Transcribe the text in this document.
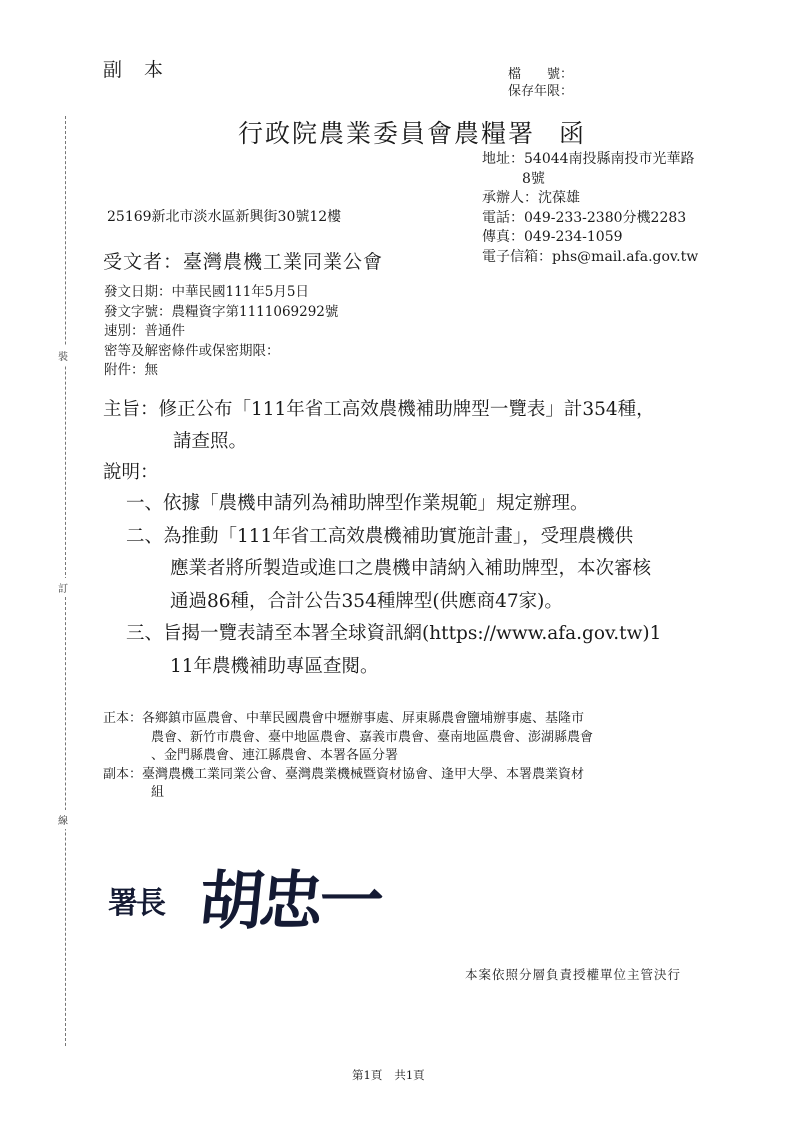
裝
訂
線
副本	檔　　號：
保存年限：
行政院農業委員會農糧署 函
地址：54044南投縣南投市光華路
8號
承辦人：沈葆雄
電話：049-233-2380分機2283
傳真：049-234-1059
電子信箱：phs@mail.afa.gov.tw
25169新北市淡水區新興街30號12樓
受文者：臺灣農機工業同業公會
發文日期：中華民國111年5月5日
發文字號：農糧資字第1111069292號
速別：普通件
密等及解密條件或保密期限：
附件：無
主旨：修正公布「111年省工高效農機補助牌型一覽表」計354種，
請查照。
說明：
一、依據「農機申請列為補助牌型作業規範」規定辦理。
二、為推動「111年省工高效農機補助實施計畫」，受理農機供
應業者將所製造或進口之農機申請納入補助牌型，本次審核
通過86種，合計公告354種牌型(供應商47家)。
三、旨揭一覽表請至本署全球資訊網(https://www.afa.gov.tw)1
11年農機補助專區查閱。
正本：各鄉鎮市區農會、中華民國農會中壢辦事處、屏東縣農會鹽埔辦事處、基隆市
農會、新竹市農會、臺中地區農會、嘉義市農會、臺南地區農會、澎湖縣農會
、金門縣農會、連江縣農會、本署各區分署
副本：臺灣農機工業同業公會、臺灣農業機械暨資材協會、逢甲大學、本署農業資材
組
署長 胡忠一
本案依照分層負責授權單位主管決行
第1頁 共1頁
